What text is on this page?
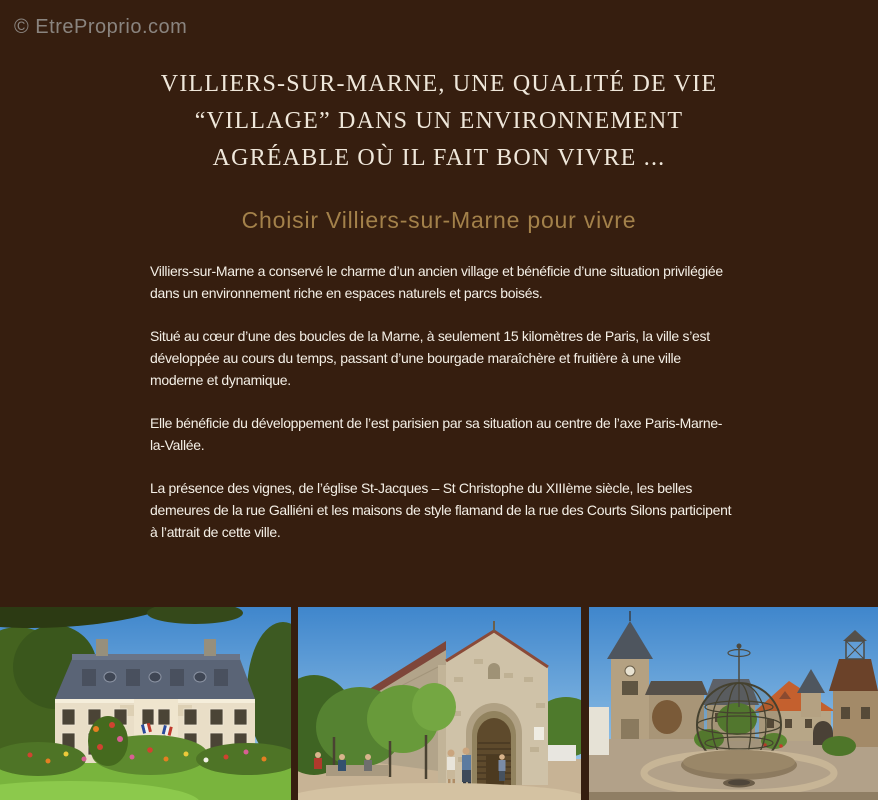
© EtreProprio.com
VILLIERS-SUR-MARNE, UNE QUALITÉ DE VIE
“VILLAGE” DANS UN ENVIRONNEMENT
AGRÉABLE OÙ IL FAIT BON VIVRE ...
Choisir Villiers-sur-Marne pour vivre

Villiers-sur-Marne a conservé le charme d’un ancien village et bénéficie d’une situation privilégiée dans un environnement riche en espaces naturels et parcs boisés.

Situé au cœur d’une des boucles de la Marne, à seulement 15 kilomètres de Paris, la ville s’est développée au cours du temps, passant d’une bourgade maraîchère et fruitière à une ville moderne et dynamique.

Elle bénéficie du développement de l’est parisien par sa situation au centre de l’axe Paris-Marne-la-Vallée.

La présence des vignes, de l’église St-Jacques – St Christophe du XIIIème siècle, les belles demeures de la rue Galliéni et les maisons de style flamand de la rue des Courts Silons participent à l’attrait de cette ville.
